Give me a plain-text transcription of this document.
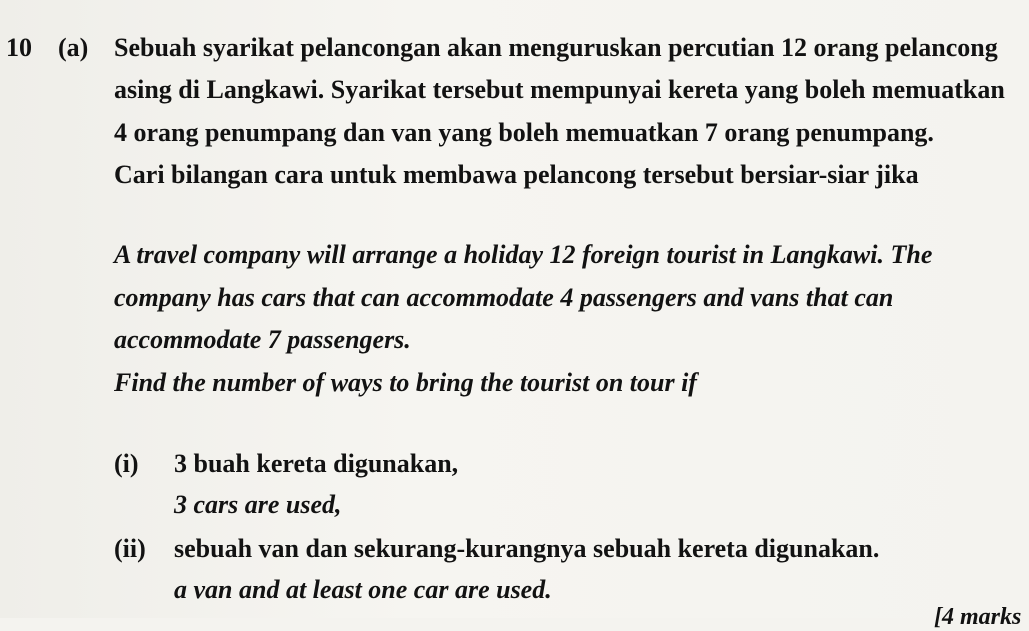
10 (a) Sebuah syarikat pelancongan akan menguruskan percutian 12 orang pelancong
asing di Langkawi. Syarikat tersebut mempunyai kereta yang boleh memuatkan
4 orang penumpang dan van yang boleh memuatkan 7 orang penumpang.
Cari bilangan cara untuk membawa pelancong tersebut bersiar-siar jika
A travel company will arrange a holiday 12 foreign tourist in Langkawi. The
company has cars that can accommodate 4 passengers and vans that can
accommodate 7 passengers.
Find the number of ways to bring the tourist on tour if
(i) 3 buah kereta digunakan,
3 cars are used,
(ii) sebuah van dan sekurang-kurangnya sebuah kereta digunakan.
a van and at least one car are used.
[4 marks
